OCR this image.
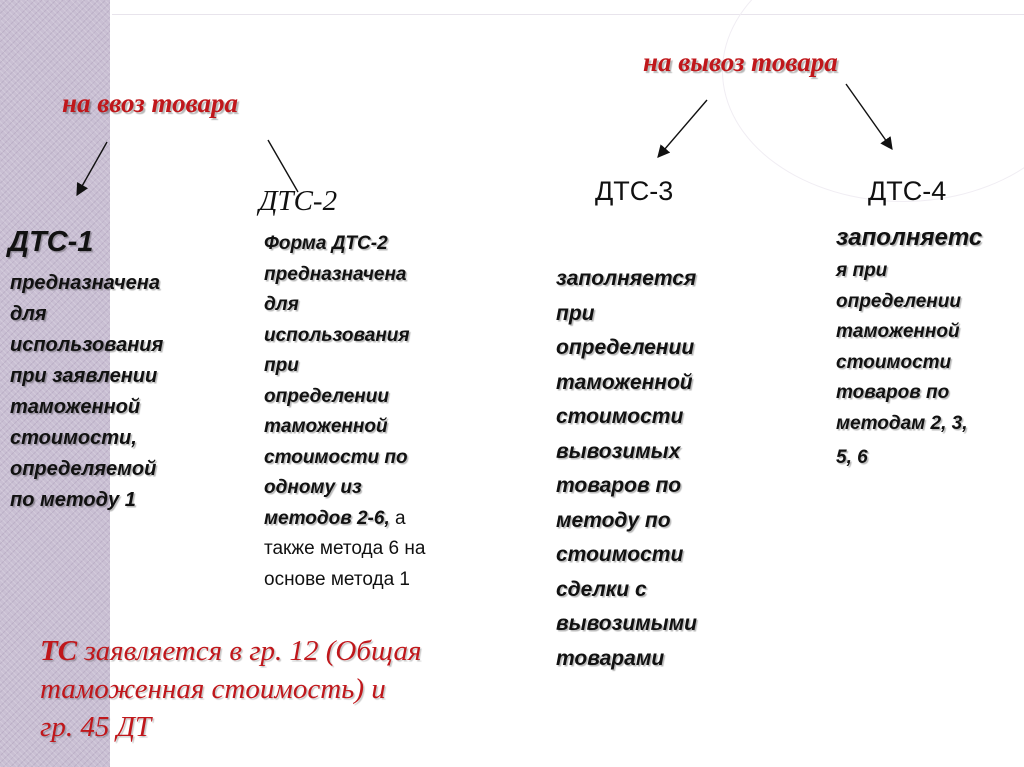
на ввоз товара

на вывоз товара

ДТС-1

предназначена
для
использования
при заявлении
таможенной
стоимости,
определяемой
по методу 1

ДТС-2

Форма ДТС-2
предназначена
для
использования
при
определении
таможенной
стоимости по
одному из
методов 2-6, а
также метода 6 на
основе метода 1

ДТС-3

заполняется
при
определении
таможенной
стоимости
вывозимых
товаров по
методу по
стоимости
сделки с
вывозимыми
товарами

ДТС-4

заполняетс
я при
определении
таможенной
стоимости
товаров по
методам 2, 3,
5, 6
ТС заявляется в гр. 12 (Общая
таможенная стоимость) и
гр. 45 ДТ
